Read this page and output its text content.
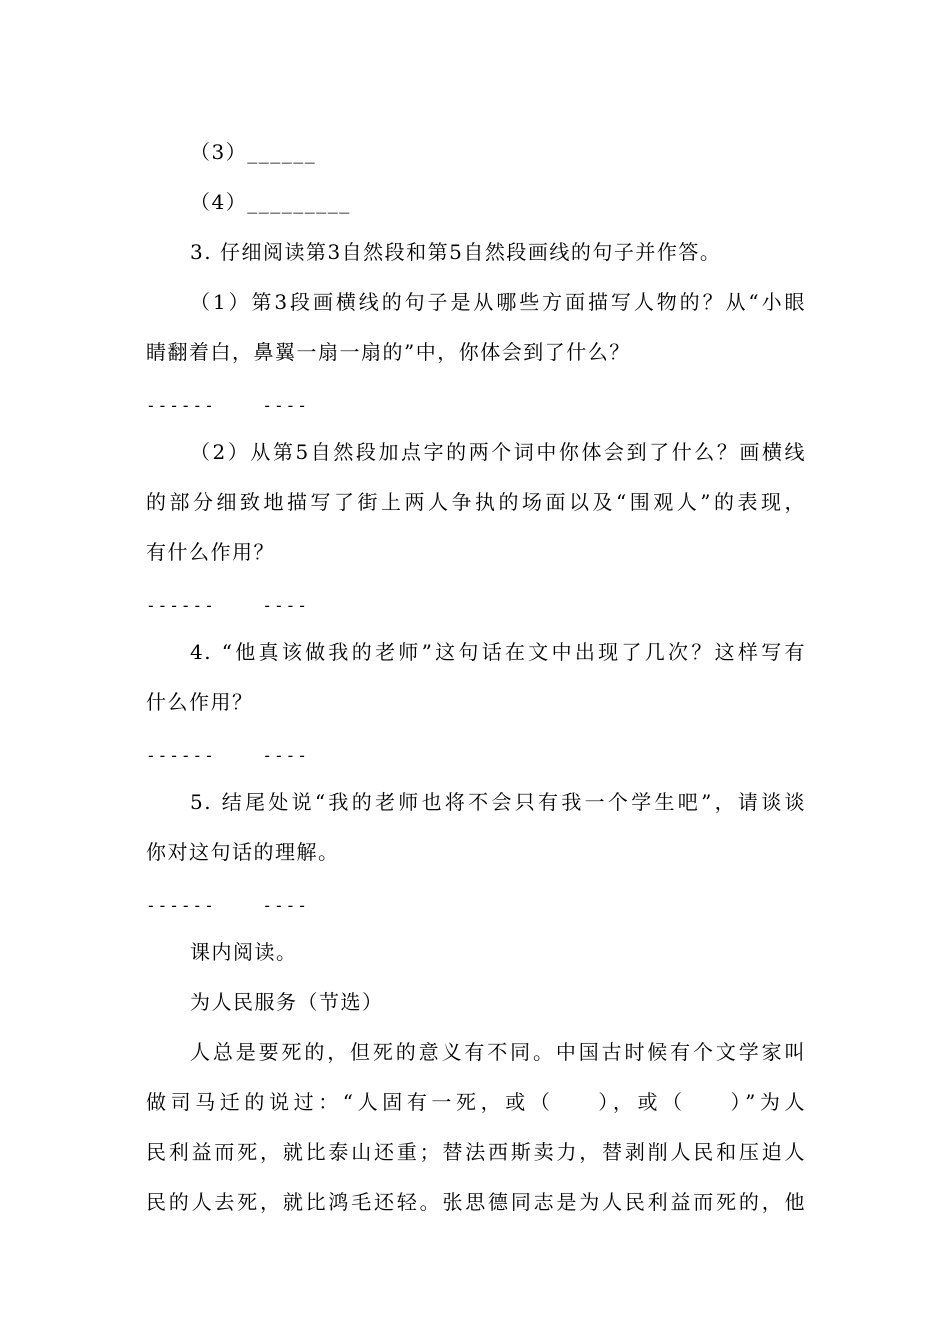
（3）______
（4）_________
3. 仔细阅读第3自然段和第5自然段画线的句子并作答。
（1）第3段画横线的句子是从哪些方面描写人物的？从“小眼
睛翻着白，鼻翼一扇一扇的”中，你体会到了什么？
------    ----
（2）从第5自然段加点字的两个词中你体会到了什么？画横线
的部分细致地描写了街上两人争执的场面以及“围观人”的表现，
有什么作用？
------    ----
4. “他真该做我的老师”这句话在文中出现了几次？这样写有
什么作用？
------    ----
5. 结尾处说“我的老师也将不会只有我一个学生吧”，请谈谈
你对这句话的理解。
------    ----
课内阅读。
为人民服务（节选）
人总是要死的，但死的意义有不同。中国古时候有个文学家叫
做司马迁的说过：“人固有一死，或（    ），或（    ）”为人
民利益而死，就比泰山还重；替法西斯卖力，替剥削人民和压迫人
民的人去死，就比鸿毛还轻。张思德同志是为人民利益而死的，他
